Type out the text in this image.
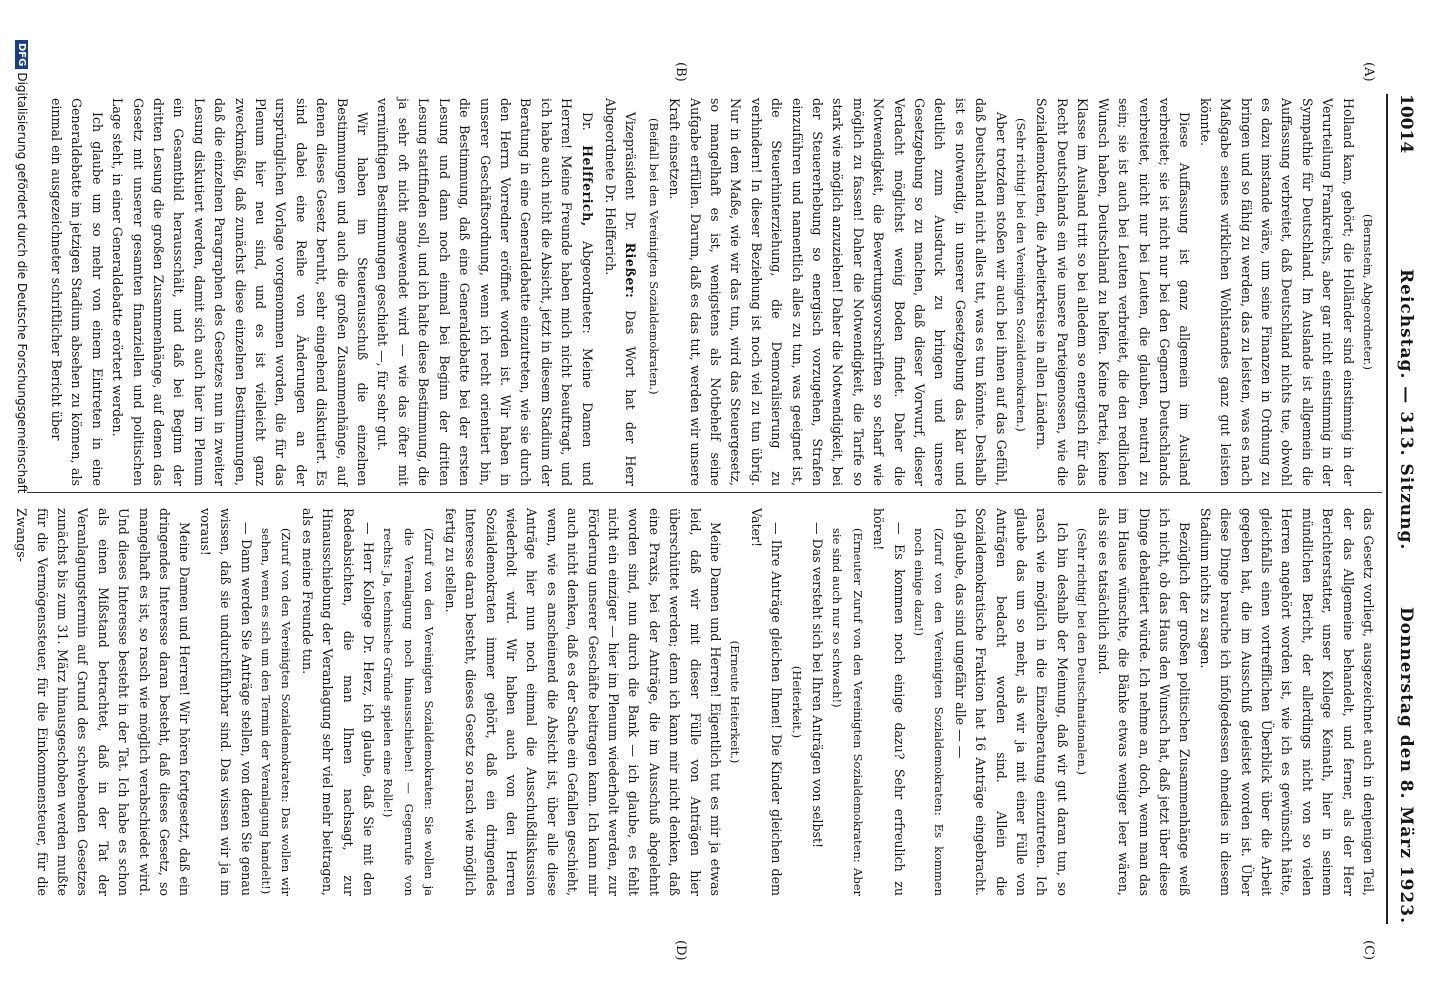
10014
Reichstag. — 313. Sitzung.
Donnerstag den 8. März 1923.
(A)
(B)
(C)
(D)

(Bernstein, Abgeordneter.)

Holland kam, gehört; die Holländer sind einstimmig in der Verurteilung Frankreichs, aber gar nicht einstimmig in der Sympathie für Deutschland. Im Auslande ist allgemein die Auffassung verbreitet, daß Deutschland nichts tue, obwohl es dazu imstande wäre, um seine Finanzen in Ordnung zu bringen und so fähig zu werden, das zu leisten, was es nach Maßgabe seines wirklichen Wohlstandes ganz gut leisten könnte.

Diese Auffassung ist ganz allgemein im Ausland verbreitet; sie ist nicht nur bei den Gegnern Deutschlands verbreitet, nicht nur bei Leuten, die glauben, neutral zu sein; sie ist auch bei Leuten verbreitet, die den redlichen Wunsch haben, Deutschland zu helfen. Keine Partei, keine Klasse im Ausland tritt so bei alledem so energisch für das Recht Deutschlands ein wie unsere Parteigenossen, wie die Sozialdemokraten, die Arbeiterkreise in allen Ländern.

(Sehr richtig! bei den Vereinigten Sozialdemokraten.)

Aber trotzdem stoßen wir auch bei ihnen auf das Gefühl, daß Deutschland nicht alles tut, was es tun könnte. Deshalb ist es notwendig, in unserer Gesetzgebung das klar und deutlich zum Ausdruck zu bringen und unsere Gesetzgebung so zu machen, daß dieser Vorwurf, dieser Verdacht möglichst wenig Boden findet. Daher die Notwendigkeit, die Bewertungsvorschriften so scharf wie möglich zu fassen! Daher die Notwendigkeit, die Tarife so stark wie möglich anzuziehen! Daher die Notwendigkeit, bei der Steuererhebung so energisch vorzugehen, Strafen einzuführen und namentlich alles zu tun, was geeignet ist, die Steuerhinterziehung, die Demoralisierung zu verhindern! In dieser Beziehung ist noch viel zu tun übrig. Nur in dem Maße, wie wir das tun, wird das Steuergesetz, so mangelhaft es ist, wenigstens als Notbehelf seine Aufgabe erfüllen. Darum, daß es das tut, werden wir unsere Kraft einsetzen.

(Beifall bei den Vereinigten Sozialdemokraten.)

Vizepräsident Dr. Rießer: Das Wort hat der Herr Abgeordnete Dr. Helfferich.

Dr. Helfferich, Abgeordneter: Meine Damen und Herren! Meine Freunde haben mich nicht beauftragt, und ich habe auch nicht die Absicht, jetzt in diesem Stadium der Beratung in eine Generaldebatte einzutreten, wie sie durch den Herrn Vorredner eröffnet worden ist. Wir haben in unserer Geschäftsordnung, wenn ich recht orientiert bin, die Bestimmung, daß eine Generaldebatte bei der ersten Lesung und dann noch einmal bei Beginn der dritten Lesung stattfinden soll, und ich halte diese Bestimmung, die ja sehr oft nicht angewendet wird — wie das öfter mit vernünftigen Bestimmungen geschieht —, für sehr gut.

Wir haben im Steuerausschuß die einzelnen Bestimmungen und auch die großen Zusammenhänge, auf denen dieses Gesetz beruht, sehr eingehend diskutiert. Es sind dabei eine Reihe von Änderungen an der ursprünglichen Vorlage vorgenommen worden, die für das Plenum hier neu sind, und es ist vielleicht ganz zweckmäßig, daß zunächst diese einzelnen Bestimmungen, daß die einzelnen Paragraphen des Gesetzes nun in zweiter Lesung diskutiert werden, damit sich auch hier im Plenum ein Gesamtbild herausschält, und daß bei Beginn der dritten Lesung die großen Zusammenhänge, auf denen das Gesetz mit unserer gesamten finanziellen und politischen Lage steht, in einer Generaldebatte erörtert werden.

Ich glaube um so mehr von einem Eintreten in eine Generaldebatte im jetzigen Stadium absehen zu können, als einmal ein ausgezeichneter schriftlicher Bericht über

das Gesetz vorliegt, ausgezeichnet auch in denjenigen Teil, der das Allgemeine behandelt, und ferner, als der Herr Berichterstatter, unser Kollege Keinath, hier in seinem mündlichen Bericht, der allerdings nicht von so vielen Herren angehört worden ist, wie ich es gewünscht hätte, gleichfalls einen vortrefflichen Überblick über die Arbeit gegeben hat, die im Ausschuß geleistet worden ist. Über diese Dinge brauche ich infolgedessen ohnedies in diesem Stadium nichts zu sagen.

Bezüglich der großen politischen Zusammenhänge weiß ich nicht, ob das Haus den Wunsch hat, daß jetzt über diese Dinge debattiert würde. Ich nehme an, doch, wenn man das im Hause wünschte, die Bänke etwas weniger leer wären, als sie es tatsächlich sind.

(Sehr richtig! bei den Deutschnationalen.)

Ich bin deshalb der Meinung, daß wir gut daran tun, so rasch wie möglich in die Einzelberatung einzutreten. Ich glaube das um so mehr, als wir ja mit einer Fülle von Anträgen bedacht worden sind. Allein die Sozialdemokratische Fraktion hat 16 Anträge eingebracht. Ich glaube, das sind ungefähr alle — —

(Zuruf von den Vereinigten Sozialdemokraten: Es kommen noch einige dazu!)

— Es kommen noch einige dazu? Sehr erfreulich zu hören!

(Erneuter Zuruf von den Vereinigten Sozialdemokraten: Aber sie sind auch nur so schwach!)

— Das versteht sich bei Ihren Anträgen von selbst!

(Heiterkeit.)

— Ihre Anträge gleichen Ihnen! Die Kinder gleichen dem Vater!

(Erneute Heiterkeit.)

Meine Damen und Herren! Eigentlich tut es mir ja etwas leid, daß wir mit dieser Fülle von Anträgen hier überschüttet werden; denn ich kann mir nicht denken, daß eine Praxis, bei der Anträge, die im Ausschuß abgelehnt worden sind, nun durch die Bank — ich glaube, es fehlt nicht ein einziger — hier im Plenum wiederholt werden, zur Förderung unserer Geschäfte beitragen kann. Ich kann mir auch nicht denken, daß es der Sache ein Gefallen geschieht, wenn, wie es anscheinend die Absicht ist, über alle diese Anträge hier nun noch einmal die Ausschußdiskussion wiederholt wird. Wir haben auch von den Herren Sozialdemokraten immer gehört, daß ein dringendes Interesse daran besteht, dieses Gesetz so rasch wie möglich fertig zu stellen.

(Zuruf von den Vereinigten Sozialdemokraten: Sie wollen ja die Veranlagung noch hinausschieben! — Gegenrufe von rechts: Ja, technische Gründe spielen eine Rolle!)

— Herr Kollege Dr. Herz, ich glaube, daß Sie mit den Redeabsichten, die man Ihnen nachsagt, zur Hinausschiebung der Veranlagung sehr viel mehr beitragen, als es meine Freunde tun.

(Zuruf von den Vereinigten Sozialdemokraten: Das wollen wir sehen, wenn es sich um den Termin der Veranlagung handelt!)

— Dann werden Sie Anträge stellen, von denen Sie genau wissen, daß sie undurchführbar sind. Das wissen wir ja im voraus!

Meine Damen und Herren! Wir hören fortgesetzt, daß ein dringendes Interesse daran besteht, daß dieses Gesetz, so mangelhaft es ist, so rasch wie möglich verabschiedet wird. Und dieses Interesse besteht in der Tat. Ich habe es schon als einen Mißstand betrachtet, daß in der Tat der Veranlagungstermin auf Grund des schwebenden Gesetzes zunächst bis zum 31. März hinausgeschoben werden mußte für die Vermögenssteuer, für die Einkommensteuer, für die Zwangs-

DFGDigitalisierung gefördert durch die Deutsche Forschungsgemeinschaft
